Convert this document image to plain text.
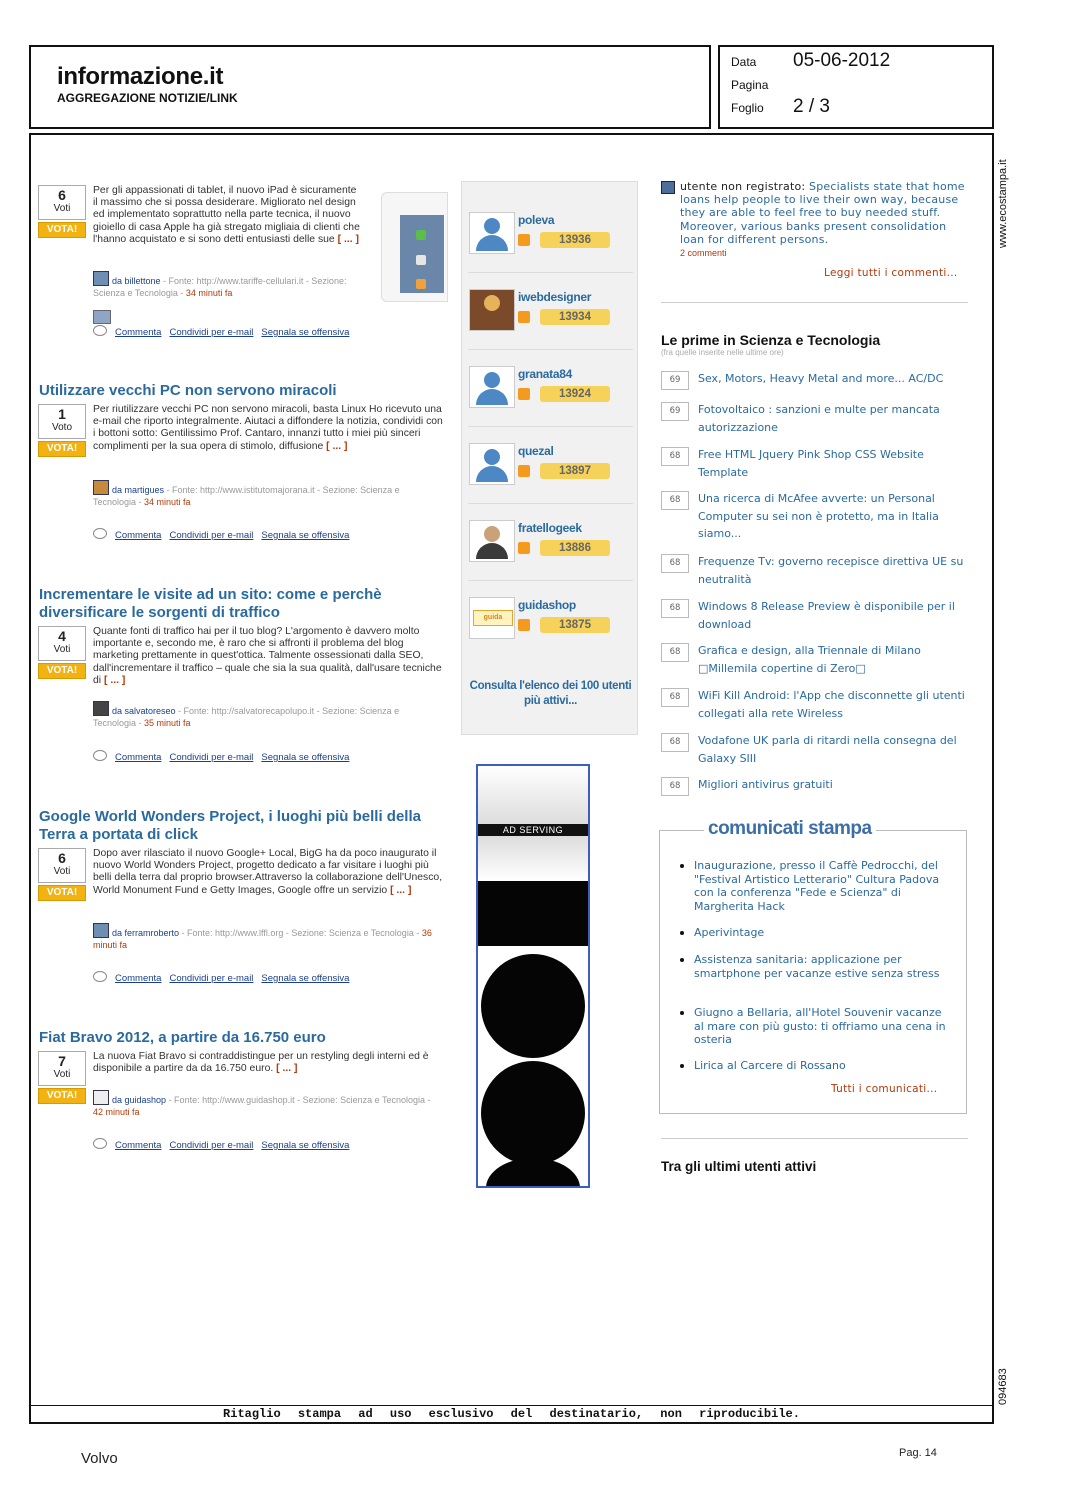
informazione.it
AGGREGAZIONE NOTIZIE/LINK
Data 05-06-2012
Pagina
Foglio 2 / 3
Ritaglio stampa ad uso esclusivo del destinatario, non riproducibile.
www.ecostampa.it
094683
Volvo	Pag. 14
6
Voti
VOTA!
Per gli appassionati di tablet, il nuovo iPad è sicuramente il massimo che si possa desiderare. Migliorato nel design ed implementato soprattutto nella parte tecnica, il nuovo gioiello di casa Apple ha già stregato migliaia di clienti che l'hanno acquistato e si sono detti entusiasti delle sue [ ... ]
da billettone - Fonte: http://www.tariffe-cellulari.it - Sezione: Scienza e Tecnologia - 34 minuti fa
Commenta Condividi per e-mail Segnala se offensiva
Utilizzare vecchi PC non servono miracoli
1
Voto
VOTA!
Per riutilizzare vecchi PC non servono miracoli, basta Linux Ho ricevuto una e-mail che riporto integralmente. Aiutaci a diffondere la notizia, condividi con i bottoni sotto: Gentilissimo Prof. Cantaro, innanzi tutto i miei più sinceri complimenti per la sua opera di stimolo, diffusione [ ... ]
da martigues - Fonte: http://www.istitutomajorana.it - Sezione: Scienza e Tecnologia - 34 minuti fa
Commenta Condividi per e-mail Segnala se offensiva
Incrementare le visite ad un sito: come e perchè diversificare le sorgenti di traffico
4
Voti
VOTA!
Quante fonti di traffico hai per il tuo blog? L'argomento è davvero molto importante e, secondo me, è raro che si affronti il problema del blog marketing prettamente in quest'ottica. Talmente ossessionati dalla SEO, dall'incrementare il traffico – quale che sia la sua qualità, dall'usare tecniche di [ ... ]
da salvatoreseo - Fonte: http://salvatorecapolupo.it - Sezione: Scienza e Tecnologia - 35 minuti fa
Commenta Condividi per e-mail Segnala se offensiva
Google World Wonders Project, i luoghi più belli della Terra a portata di click
6
Voti
VOTA!
Dopo aver rilasciato il nuovo Google+ Local, BigG ha da poco inaugurato il nuovo World Wonders Project, progetto dedicato a far visitare i luoghi più belli della terra dal proprio browser.Attraverso la collaborazione dell'Unesco, World Monument Fund e Getty Images, Google offre un servizio [ ... ]
da ferramroberto - Fonte: http://www.lffl.org - Sezione: Scienza e Tecnologia - 36 minuti fa
Commenta Condividi per e-mail Segnala se offensiva
Fiat Bravo 2012, a partire da 16.750 euro
7
Voti
VOTA!
La nuova Fiat Bravo si contraddistingue per un restyling degli interni ed è disponibile a partire da da 16.750 euro. [ ... ]
da guidashop - Fonte: http://www.guidashop.it - Sezione: Scienza e Tecnologia - 42 minuti fa
Commenta Condividi per e-mail Segnala se offensiva
poleva
13936
iwebdesigner
13934
granata84
13924
quezal
13897
fratellogeek
13886
guida
guidashop
13875
Consulta l'elenco dei 100 utenti più attivi...
AD SERVING
utente non registrato: Specialists state that home loans help people to live their own way, because they are able to feel free to buy needed stuff. Moreover, various banks present consolidation loan for different persons.
2 commenti
Leggi tutti i commenti...
Le prime in Scienza e Tecnologia
(fra quelle inserite nelle ultime ore)
69	Sex, Motors, Heavy Metal and more... AC/DC
69	Fotovoltaico : sanzioni e multe per mancata autorizzazione
68	Free HTML Jquery Pink Shop CSS Website Template
68	Una ricerca di McAfee avverte: un Personal Computer su sei non è protetto, ma in Italia siamo...
68	Frequenze Tv: governo recepisce direttiva UE su neutralità
68	Windows 8 Release Preview è disponibile per il download
68	Grafica e design, alla Triennale di Milano □Millemila copertine di Zero□
68	WiFi Kill Android: l'App che disconnette gli utenti collegati alla rete Wireless
68	Vodafone UK parla di ritardi nella consegna del Galaxy SIII
68	Migliori antivirus gratuiti
comunicati stampa
Inaugurazione, presso il Caffè Pedrocchi, del "Festival Artistico Letterario" Cultura Padova con la conferenza "Fede e Scienza" di Margherita Hack
Aperivintage
Assistenza sanitaria: applicazione per smartphone per vacanze estive senza stress
Giugno a Bellaria, all'Hotel Souvenir vacanze al mare con più gusto: ti offriamo una cena in osteria
Lirica al Carcere di Rossano
Tutti i comunicati...
Tra gli ultimi utenti attivi
